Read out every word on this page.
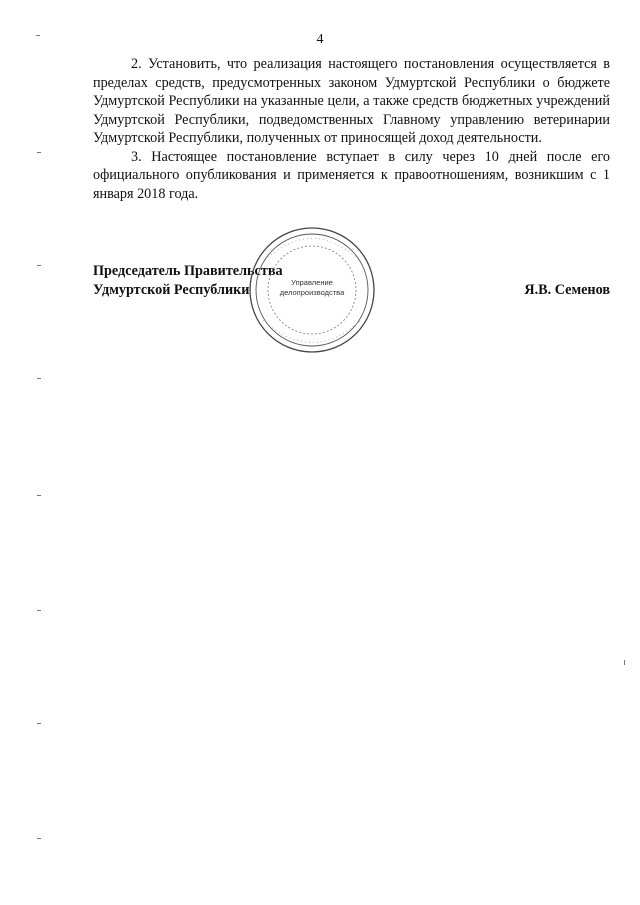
4

2. Установить, что реализация настоящего постановления осуществляется в пределах средств, предусмотренных законом Удмуртской Республики о бюджете Удмуртской Республики на указанные цели, а также средств бюджетных учреждений Удмуртской Республики, подведомственных Главному управлению ветеринарии Удмуртской Республики, полученных от приносящей доход деятельности.

3. Настоящее постановление вступает в силу через 10 дней после его официального опубликования и применяется к правоотношениям, возникшим с 1 января 2018 года.

Председатель Правительства
Удмуртской Республики	Управление
делопроизводства	Я.В. Семенов
